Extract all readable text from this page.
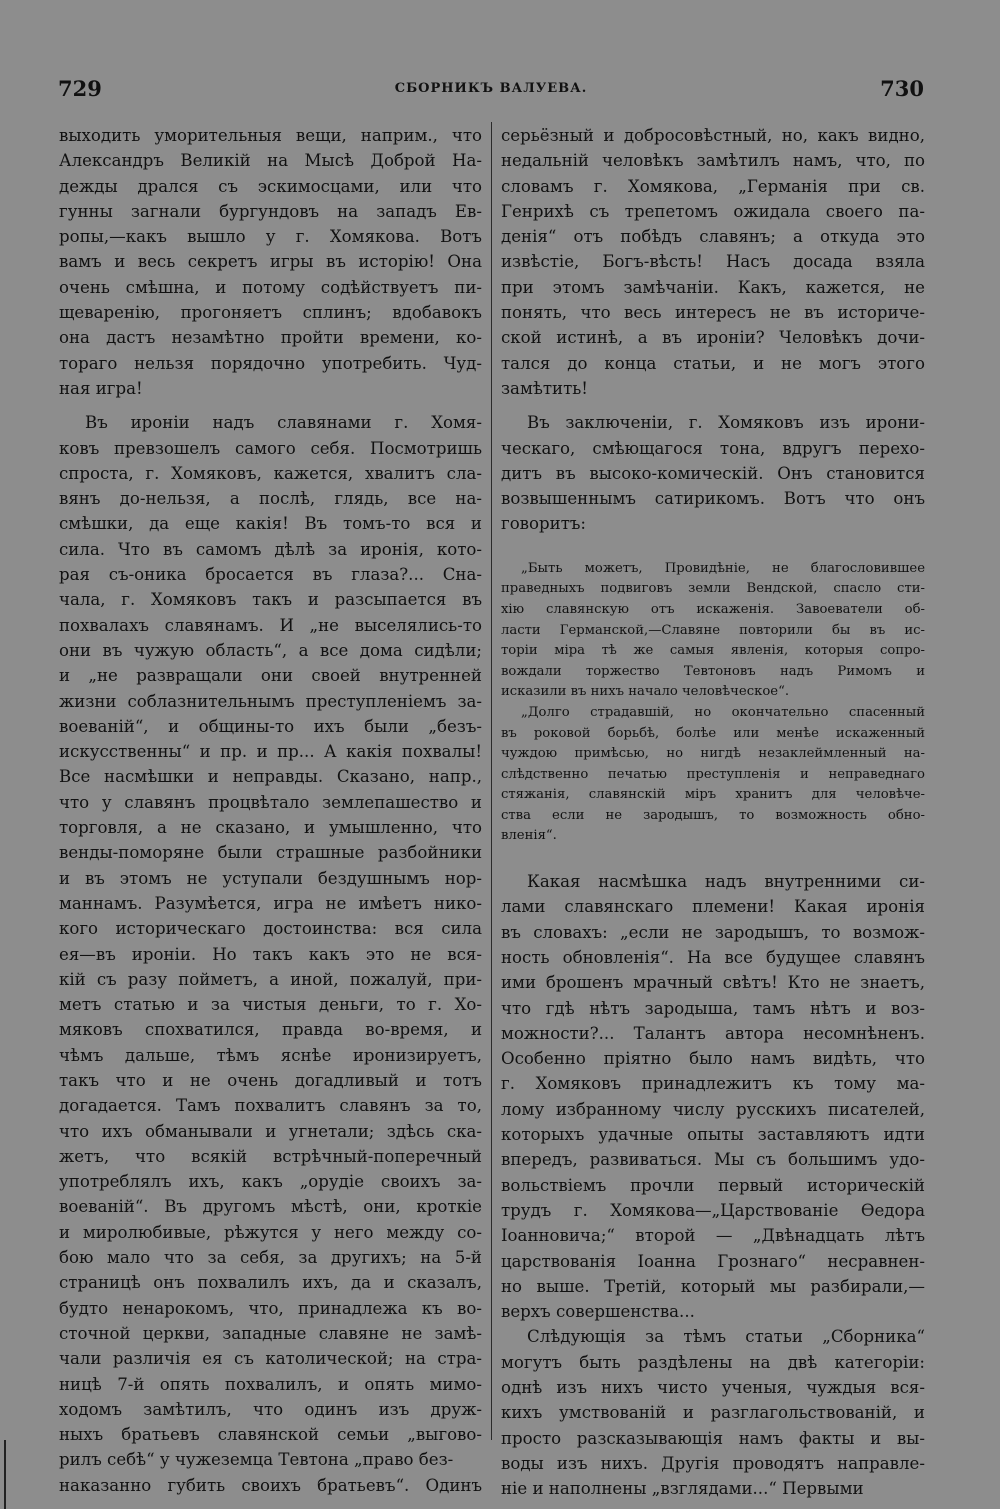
729	СБОРНИКЪ ВАЛУЕВА.	730
выходить уморительныя вещи, наприм., что
Александръ Великій на Мысѣ Доброй На-
дежды дрался съ эскимосцами, или что
гунны загнали бургундовъ на западъ Ев-
ропы,—какъ вышло у г. Хомякова. Вотъ
вамъ и весь секретъ игры въ исторію! Она
очень смѣшна, и потому содѣйствуетъ пи-
щеваренію, прогоняетъ сплинъ; вдобавокъ
она дастъ незамѣтно пройти времени, ко-
тораго нельзя порядочно употребить. Чуд-
ная игра!
Въ ироніи надъ славянами г. Хомя-
ковъ превзошелъ самого себя. Посмотришь
спроста, г. Хомяковъ, кажется, хвалитъ сла-
вянъ до-нельзя, а послѣ, глядь, все на-
смѣшки, да еще какія! Въ томъ-то вся и
сила. Что въ самомъ дѣлѣ за иронія, кото-
рая съ-оника бросается въ глаза?... Сна-
чала, г. Хомяковъ такъ и разсыпается въ
похвалахъ славянамъ. И „не выселялись-то
они въ чужую область“, а все дома сидѣли;
и „не развращали они своей внутренней
жизни соблазнительнымъ преступленіемъ за-
воеваній“, и общины-то ихъ были „безъ-
искусственны“ и пр. и пр... А какія похвалы!
Все насмѣшки и неправды. Сказано, напр.,
что у славянъ процвѣтало землепашество и
торговля, а не сказано, и умышленно, что
венды-поморяне были страшные разбойники
и въ этомъ не уступали бездушнымъ нор-
маннамъ. Разумѣется, игра не имѣетъ нико-
кого историческаго достоинства: вся сила
ея—въ ироніи. Но такъ какъ это не вся-
кій съ разу пойметъ, а иной, пожалуй, при-
метъ статью и за чистыя деньги, то г. Хо-
мяковъ спохватился, правда во-время, и
чѣмъ дальше, тѣмъ яснѣе иронизируетъ,
такъ что и не очень догадливый и тотъ
догадается. Тамъ похвалитъ славянъ за то,
что ихъ обманывали и угнетали; здѣсь ска-
жетъ, что всякій встрѣчный-поперечный
употреблялъ ихъ, какъ „орудіе своихъ за-
воеваній“. Въ другомъ мѣстѣ, они, кроткіе
и миролюбивые, рѣжутся у него между со-
бою мало что за себя, за другихъ; на 5-й
страницѣ онъ похвалилъ ихъ, да и сказалъ,
будто ненарокомъ, что, принадлежа къ во-
сточной церкви, западные славяне не замѣ-
чали различія ея съ католической; на стра-
ницѣ 7-й опять похвалилъ, и опять мимо-
ходомъ замѣтилъ, что одинъ изъ друж-
ныхъ братьевъ славянской семьи „выгово-
рилъ себѣ“ у чужеземца Тевтона „право без-
наказанно губить своихъ братьевъ“. Одинъ
серьёзный и добросовѣстный, но, какъ видно,
недальній человѣкъ замѣтилъ намъ, что, по
словамъ г. Хомякова, „Германія при св.
Генрихѣ съ трепетомъ ожидала своего па-
денія“ отъ побѣдъ славянъ; а откуда это
извѣстіе, Богъ-вѣсть! Насъ досада взяла
при этомъ замѣчаніи. Какъ, кажется, не
понять, что весь интересъ не въ историче-
ской истинѣ, а въ ироніи? Человѣкъ дочи-
тался до конца статьи, и не могъ этого
замѣтить!
Въ заключеніи, г. Хомяковъ изъ ирони-
ческаго, смѣющагося тона, вдругъ перехо-
дитъ въ высоко-комическій. Онъ становится
возвышеннымъ сатирикомъ. Вотъ что онъ
говоритъ:
„Быть можетъ, Провидѣніе, не благословившее
праведныхъ подвиговъ земли Вендской, спасло сти-
хію славянскую отъ искаженія. Завоеватели об-
ласти Германской,—Славяне повторили бы въ ис-
торіи міра тѣ же самыя явленія, которыя сопро-
вождали торжество Тевтоновъ надъ Римомъ и
исказили въ нихъ начало человѣческое“.
„Долго страдавшій, но окончательно спасенный
въ роковой борьбѣ, болѣе или менѣе искаженный
чуждою примѣсью, но нигдѣ незаклеймленный на-
слѣдственно печатью преступленія и неправеднаго
стяжанія, славянскій міръ хранитъ для человѣче-
ства если не зародышъ, то возможность обно-
вленія“.
Какая насмѣшка надъ внутренними си-
лами славянскаго племени! Какая иронія
въ словахъ: „если не зародышъ, то возмож-
ность обновленія“. На все будущее славянъ
ими брошенъ мрачный свѣтъ! Кто не знаетъ,
что гдѣ нѣтъ зародыша, тамъ нѣтъ и воз-
можности?... Талантъ автора несомнѣненъ.
Особенно пріятно было намъ видѣть, что
г. Хомяковъ принадлежитъ къ тому ма-
лому избранному числу русскихъ писателей,
которыхъ удачные опыты заставляютъ идти
впередъ, развиваться. Мы съ большимъ удо-
вольствіемъ прочли первый историческій
трудъ г. Хомякова—„Царствованіе Ѳедора
Іоанновича;“ второй — „Двѣнадцать лѣтъ
царствованія Іоанна Грознаго“ несравнен-
но выше. Третій, который мы разбирали,—
верхъ совершенства...
Слѣдующія за тѣмъ статьи „Сборника“
могутъ быть раздѣлены на двѣ категоріи:
однѣ изъ нихъ чисто ученыя, чуждыя вся-
кихъ умствованій и разглагольствованій, и
просто разсказывающія намъ факты и вы-
воды изъ нихъ. Другія проводятъ направле-
ніе и наполнены „взглядами...“ Первыми
